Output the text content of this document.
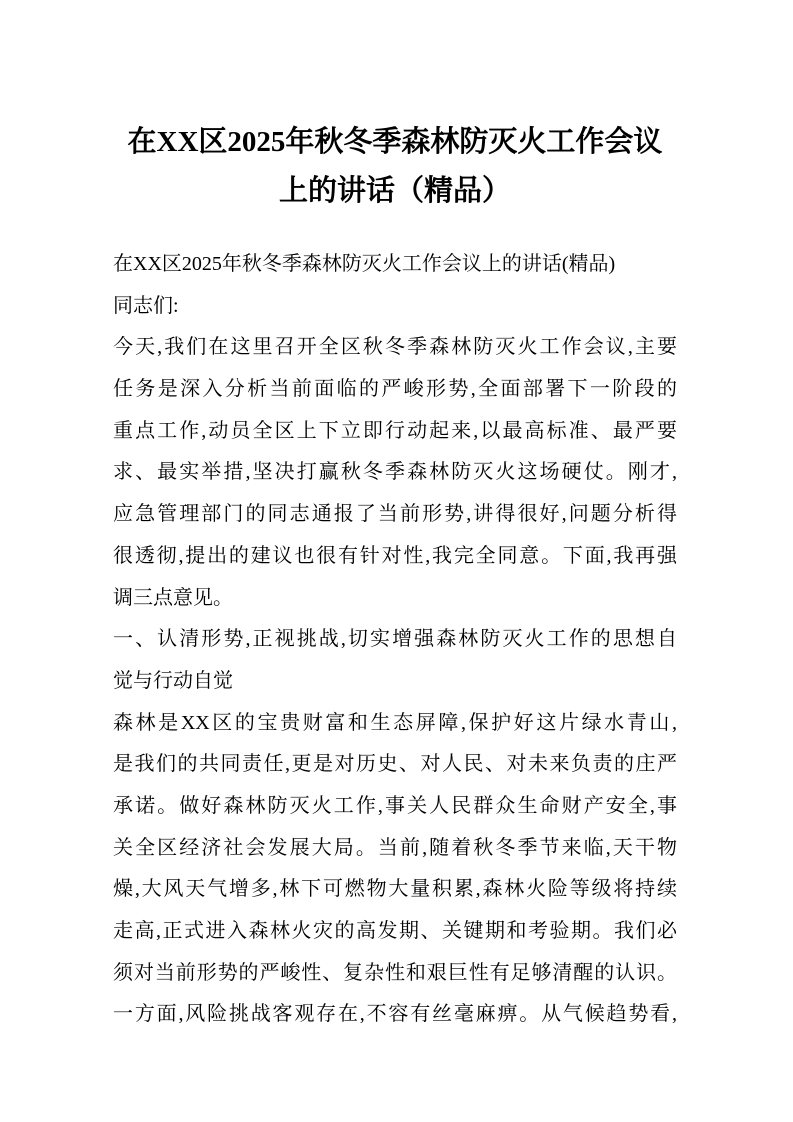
在XX区2025年秋冬季森林防灭火工作会议
上的讲话（精品）
在XX区2025年秋冬季森林防灭火工作会议上的讲话(精品)
同志们:
今天,我们在这里召开全区秋冬季森林防灭火工作会议,主要
任务是深入分析当前面临的严峻形势,全面部署下一阶段的
重点工作,动员全区上下立即行动起来,以最高标准、最严要
求、最实举措,坚决打赢秋冬季森林防灭火这场硬仗。刚才,
应急管理部门的同志通报了当前形势,讲得很好,问题分析得
很透彻,提出的建议也很有针对性,我完全同意。下面,我再强
调三点意见。
一、认清形势,正视挑战,切实增强森林防灭火工作的思想自
觉与行动自觉
森林是XX区的宝贵财富和生态屏障,保护好这片绿水青山,
是我们的共同责任,更是对历史、对人民、对未来负责的庄严
承诺。做好森林防灭火工作,事关人民群众生命财产安全,事
关全区经济社会发展大局。当前,随着秋冬季节来临,天干物
燥,大风天气增多,林下可燃物大量积累,森林火险等级将持续
走高,正式进入森林火灾的高发期、关键期和考验期。我们必
须对当前形势的严峻性、复杂性和艰巨性有足够清醒的认识。
一方面,风险挑战客观存在,不容有丝毫麻痹。从气候趋势看,
